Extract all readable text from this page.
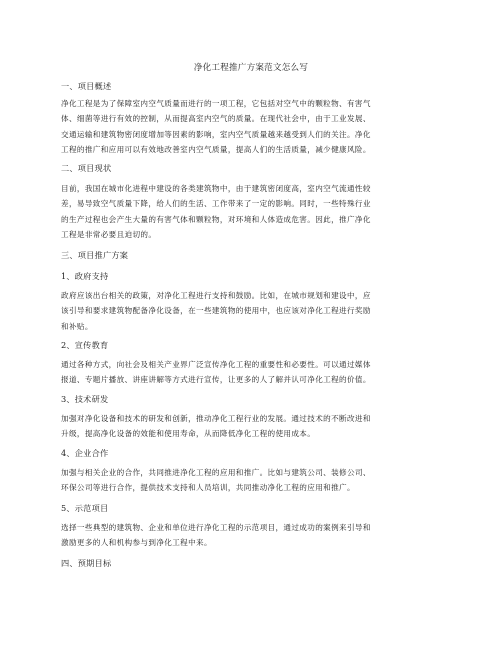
净化工程推广方案范文怎么写
一、项目概述
净化工程是为了保障室内空气质量而进行的一项工程，它包括对空气中的颗粒物、有害气
体、细菌等进行有效的控制，从而提高室内空气的质量。在现代社会中，由于工业发展、
交通运输和建筑物密闭度增加等因素的影响，室内空气质量越来越受到人们的关注。净化
工程的推广和应用可以有效地改善室内空气质量，提高人们的生活质量，减少健康风险。
二、项目现状
目前，我国在城市化进程中建设的各类建筑物中，由于建筑密闭度高，室内空气流通性较
差，易导致空气质量下降，给人们的生活、工作带来了一定的影响。同时，一些特殊行业
的生产过程也会产生大量的有害气体和颗粒物，对环境和人体造成危害。因此，推广净化
工程是非常必要且迫切的。
三、项目推广方案
1、政府支持
政府应该出台相关的政策，对净化工程进行支持和鼓励。比如，在城市规划和建设中，应
该引导和要求建筑物配备净化设备，在一些建筑物的使用中，也应该对净化工程进行奖励
和补贴。
2、宣传教育
通过各种方式，向社会及相关产业界广泛宣传净化工程的重要性和必要性。可以通过媒体
报道、专题片播放、讲座讲解等方式进行宣传，让更多的人了解并认可净化工程的价值。
3、技术研发
加强对净化设备和技术的研发和创新，推动净化工程行业的发展。通过技术的不断改进和
升级，提高净化设备的效能和使用寿命，从而降低净化工程的使用成本。
4、企业合作
加强与相关企业的合作，共同推进净化工程的应用和推广。比如与建筑公司、装修公司、
环保公司等进行合作，提供技术支持和人员培训，共同推动净化工程的应用和推广。
5、示范项目
选择一些典型的建筑物、企业和单位进行净化工程的示范项目，通过成功的案例来引导和
激励更多的人和机构参与到净化工程中来。
四、预期目标
